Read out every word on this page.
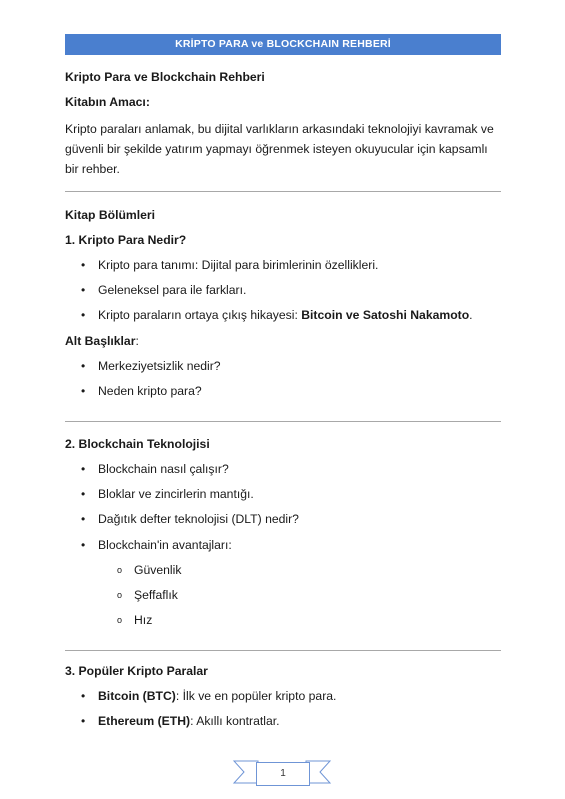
KRİPTO PARA ve BLOCKCHAIN REHBERİ
Kripto Para ve Blockchain Rehberi
Kitabın Amacı:
Kripto paraları anlamak, bu dijital varlıkların arkasındaki teknolojiyi kavramak ve
güvenli bir şekilde yatırım yapmayı öğrenmek isteyen okuyucular için kapsamlı
bir rehber.
Kitap Bölümleri
1. Kripto Para Nedir?
• Kripto para tanımı: Dijital para birimlerinin özellikleri.
• Geleneksel para ile farkları.
• Kripto paraların ortaya çıkış hikayesi: Bitcoin ve Satoshi Nakamoto.
Alt Başlıklar:
• Merkeziyetsizlik nedir?
• Neden kripto para?
2. Blockchain Teknolojisi
• Blockchain nasıl çalışır?
• Bloklar ve zincirlerin mantığı.
• Dağıtık defter teknolojisi (DLT) nedir?
• Blockchain'in avantajları:
o Güvenlik
o Şeffaflık
o Hız
3. Popüler Kripto Paralar
• Bitcoin (BTC): İlk ve en popüler kripto para.
• Ethereum (ETH): Akıllı kontratlar.
1
